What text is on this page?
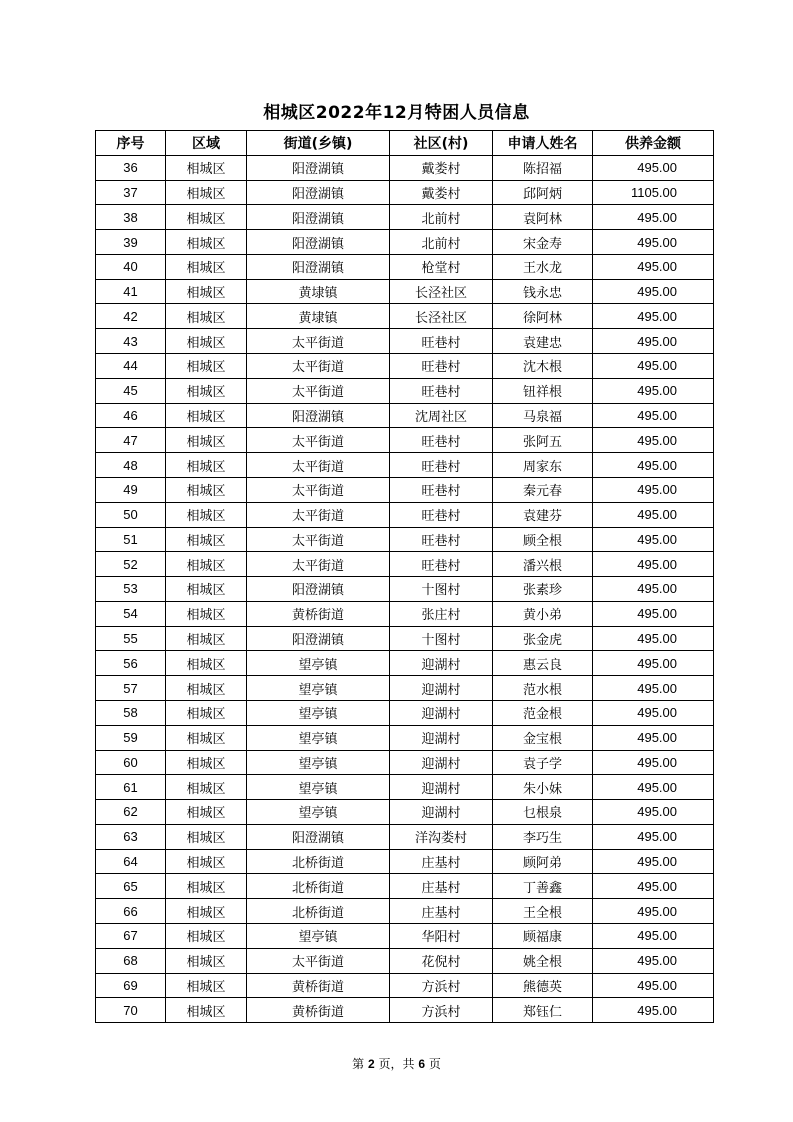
相城区2022年12月特困人员信息
序号	区域	街道(乡镇)	社区(村)	申请人姓名	供养金额
36	相城区	阳澄湖镇	戴娄村	陈招福	495.00
37	相城区	阳澄湖镇	戴娄村	邱阿炳	1105.00
38	相城区	阳澄湖镇	北前村	袁阿林	495.00
39	相城区	阳澄湖镇	北前村	宋金寿	495.00
40	相城区	阳澄湖镇	枪堂村	王水龙	495.00
41	相城区	黄埭镇	长泾社区	钱永忠	495.00
42	相城区	黄埭镇	长泾社区	徐阿林	495.00
43	相城区	太平街道	旺巷村	袁建忠	495.00
44	相城区	太平街道	旺巷村	沈木根	495.00
45	相城区	太平街道	旺巷村	钮祥根	495.00
46	相城区	阳澄湖镇	沈周社区	马泉福	495.00
47	相城区	太平街道	旺巷村	张阿五	495.00
48	相城区	太平街道	旺巷村	周家东	495.00
49	相城区	太平街道	旺巷村	秦元春	495.00
50	相城区	太平街道	旺巷村	袁建芬	495.00
51	相城区	太平街道	旺巷村	顾全根	495.00
52	相城区	太平街道	旺巷村	潘兴根	495.00
53	相城区	阳澄湖镇	十图村	张素珍	495.00
54	相城区	黄桥街道	张庄村	黄小弟	495.00
55	相城区	阳澄湖镇	十图村	张金虎	495.00
56	相城区	望亭镇	迎湖村	惠云良	495.00
57	相城区	望亭镇	迎湖村	范水根	495.00
58	相城区	望亭镇	迎湖村	范金根	495.00
59	相城区	望亭镇	迎湖村	金宝根	495.00
60	相城区	望亭镇	迎湖村	袁子学	495.00
61	相城区	望亭镇	迎湖村	朱小妹	495.00
62	相城区	望亭镇	迎湖村	乜根泉	495.00
63	相城区	阳澄湖镇	洋沟娄村	李巧生	495.00
64	相城区	北桥街道	庄基村	顾阿弟	495.00
65	相城区	北桥街道	庄基村	丁善鑫	495.00
66	相城区	北桥街道	庄基村	王全根	495.00
67	相城区	望亭镇	华阳村	顾福康	495.00
68	相城区	太平街道	花倪村	姚全根	495.00
69	相城区	黄桥街道	方浜村	熊德英	495.00
70	相城区	黄桥街道	方浜村	郑钰仁	495.00
第 2 页，共 6 页
